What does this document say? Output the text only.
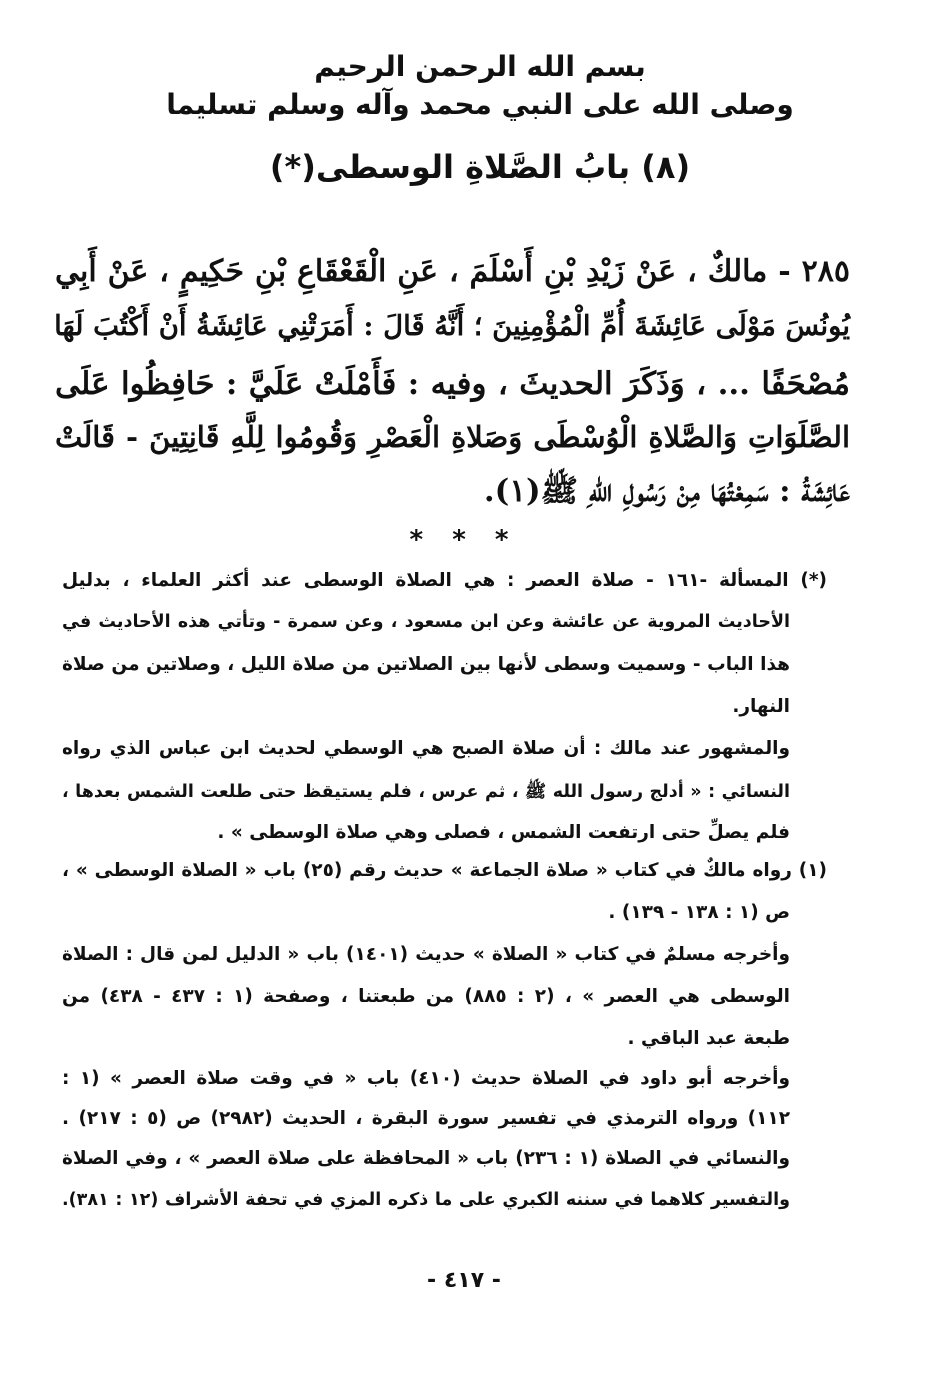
بسم الله الرحمن الرحيم
وصلى الله على النبي محمد وآله وسلم تسليما
(٨) بابُ الصَّلاةِ الوسطى(*)
٢٨٥ - مالكٌ ، عَنْ زَيْدِ بْنِ أَسْلَمَ ، عَنِ الْقَعْقَاعِ بْنِ حَكِيمٍ ، عَنْ أَبِي
يُونُسَ مَوْلَى عَائِشَةَ أُمِّ الْمُؤْمِنِينَ ؛ أَنَّهُ قَالَ : أَمَرَتْنِي عَائِشَةُ أَنْ أَكْتُبَ لَهَا
مُصْحَفًا ... ، وَذَكَرَ الحديثَ ، وفيه : فَأَمْلَتْ عَلَيَّ : حَافِظُوا عَلَى
الصَّلَوَاتِ وَالصَّلاةِ الْوُسْطَى وَصَلاةِ الْعَصْرِ وَقُومُوا لِلَّهِ قَانِتِينَ - قَالَتْ
عَائِشَةُ : سَمِعْتُهَا مِنْ رَسُولِ اللهِ ﷺ(١).
* * *
(*) المسألة -١٦١ - صلاة العصر : هي الصلاة الوسطى عند أكثر العلماء ، بدليل
الأحاديث المروية عن عائشة وعن ابن مسعود ، وعن سمرة - وتأتي هذه الأحاديث في
هذا الباب - وسميت وسطى لأنها بين الصلاتين من صلاة الليل ، وصلاتين من صلاة
النهار.
والمشهور عند مالك : أن صلاة الصبح هي الوسطي لحديث ابن عباس الذي رواه
النسائي : « أدلج رسول الله ﷺ ، ثم عرس ، فلم يستيقظ حتى طلعت الشمس بعدها ،
فلم يصلِّ حتى ارتفعت الشمس ، فصلى وهي صلاة الوسطى » .
(١) رواه مالكٌ في كتاب « صلاة الجماعة » حديث رقم (٢٥) باب « الصلاة الوسطى » ،
ص (١ : ١٣٨ - ١٣٩) .
وأخرجه مسلمٌ في كتاب « الصلاة » حديث (١٤٠١) باب « الدليل لمن قال : الصلاة
الوسطى هي العصر » ، (٢ : ٨٨٥) من طبعتنا ، وصفحة (١ : ٤٣٧ - ٤٣٨) من
طبعة عبد الباقي .
وأخرجه أبو داود في الصلاة حديث (٤١٠) باب « في وقت صلاة العصر » (١ :
١١٢) ورواه الترمذي في تفسير سورة البقرة ، الحديث (٢٩٨٢) ص (٥ : ٢١٧) .
والنسائي في الصلاة (١ : ٢٣٦) باب « المحافظة على صلاة العصر » ، وفي الصلاة
والتفسير كلاهما في سننه الكبري على ما ذكره المزي في تحفة الأشراف (١٢ : ٣٨١).
- ٤١٧ -
